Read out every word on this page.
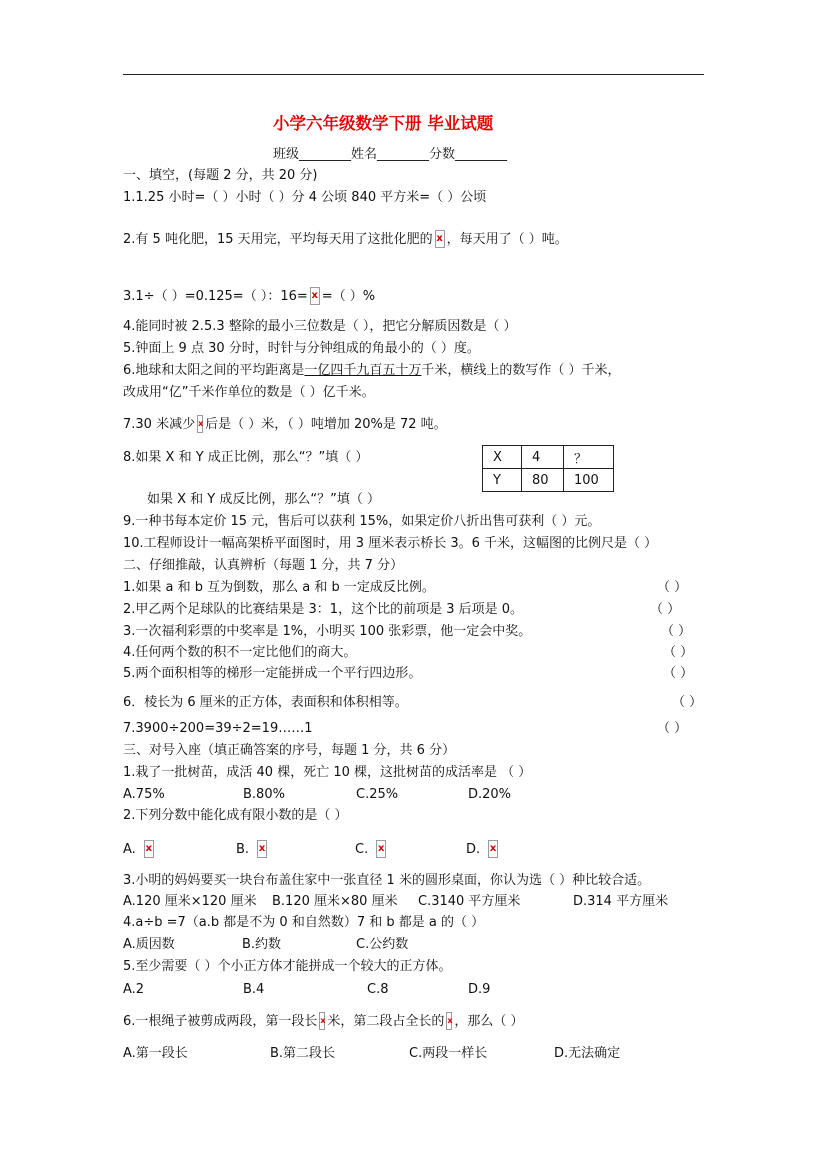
小学六年级数学下册 毕业试题
班级________姓名________分数________
一、填空，(每题 2 分，共 20 分)
1.1.25 小时=（ ）小时（ ）分 4 公顷 840 平方米=（ ）公顷
2.有 5 吨化肥，15 天用完，平均每天用了这批化肥的 x ，每天用了（ ）吨。
3.1÷（ ）=0.125=（ ）：16= x =（ ）%
4.能同时被 2.5.3 整除的最小三位数是（ ），把它分解质因数是（ ）
5.钟面上 9 点 30 分时，时针与分钟组成的角最小的（ ）度。
6.地球和太阳之间的平均距离是一亿四千九百五十万千米，横线上的数写作（ ）千米，
改成用“亿”千米作单位的数是（ ）亿千米。
7.30 米减少 x 后是（ ）米，（ ）吨增加 20%是 72 吨。
8.如果 X 和 Y 成正比例，那么“？”填（ ）	X	4	？
Y	80	100
如果 X 和 Y 成反比例，那么“？”填（ ）
9.一种书每本定价 15 元，售后可以获利 15%，如果定价八折出售可获利（ ）元。
10.工程师设计一幅高架桥平面图时，用 3 厘米表示桥长 3。6 千米，这幅图的比例尺是（ ）
二、仔细推敲，认真辨析（每题 1 分，共 7 分）
1.如果 a 和 b 互为倒数，那么 a 和 b 一定成反比例。	（ ）
2.甲乙两个足球队的比赛结果是 3：1，这个比的前项是 3 后项是 0。	（ ）
3.一次福利彩票的中奖率是 1%，小明买 100 张彩票，他一定会中奖。	（ ）
4.任何两个数的积不一定比他们的商大。	（ ）
5.两个面积相等的梯形一定能拼成一个平行四边形。	（ ）
6．棱长为 6 厘米的正方体，表面积和体积相等。	（ ）
7.3900÷200=39÷2=19……1	（ ）
三、对号入座（填正确答案的序号，每题 1 分，共 6 分）
1.栽了一批树苗，成活 40 棵，死亡 10 棵，这批树苗的成活率是 （ ）
A.75%	B.80%	C.25%	D.20%
2.下列分数中能化成有限小数的是（ ）
A. x	B. x	C. x	D.x
3.小明的妈妈要买一块台布盖住家中一张直径 1 米的圆形桌面，你认为选（ ）种比较合适。
A.120 厘米×120 厘米 B.120 厘米×80 厘米 C.3140 平方厘米	D.314 平方厘米
4.a÷b =7（a.b 都是不为 0 和自然数）7 和 b 都是 a 的（ ）
A.质因数	B.约数	C.公约数
5.至少需要（ ）个小正方体才能拼成一个较大的正方体。
A.2	B.4	C.8	D.9
6.一根绳子被剪成两段，第一段长 x 米，第二段占全长的 x ，那么（ ）
A.第一段长	B.第二段长	C.两段一样长	D.无法确定
